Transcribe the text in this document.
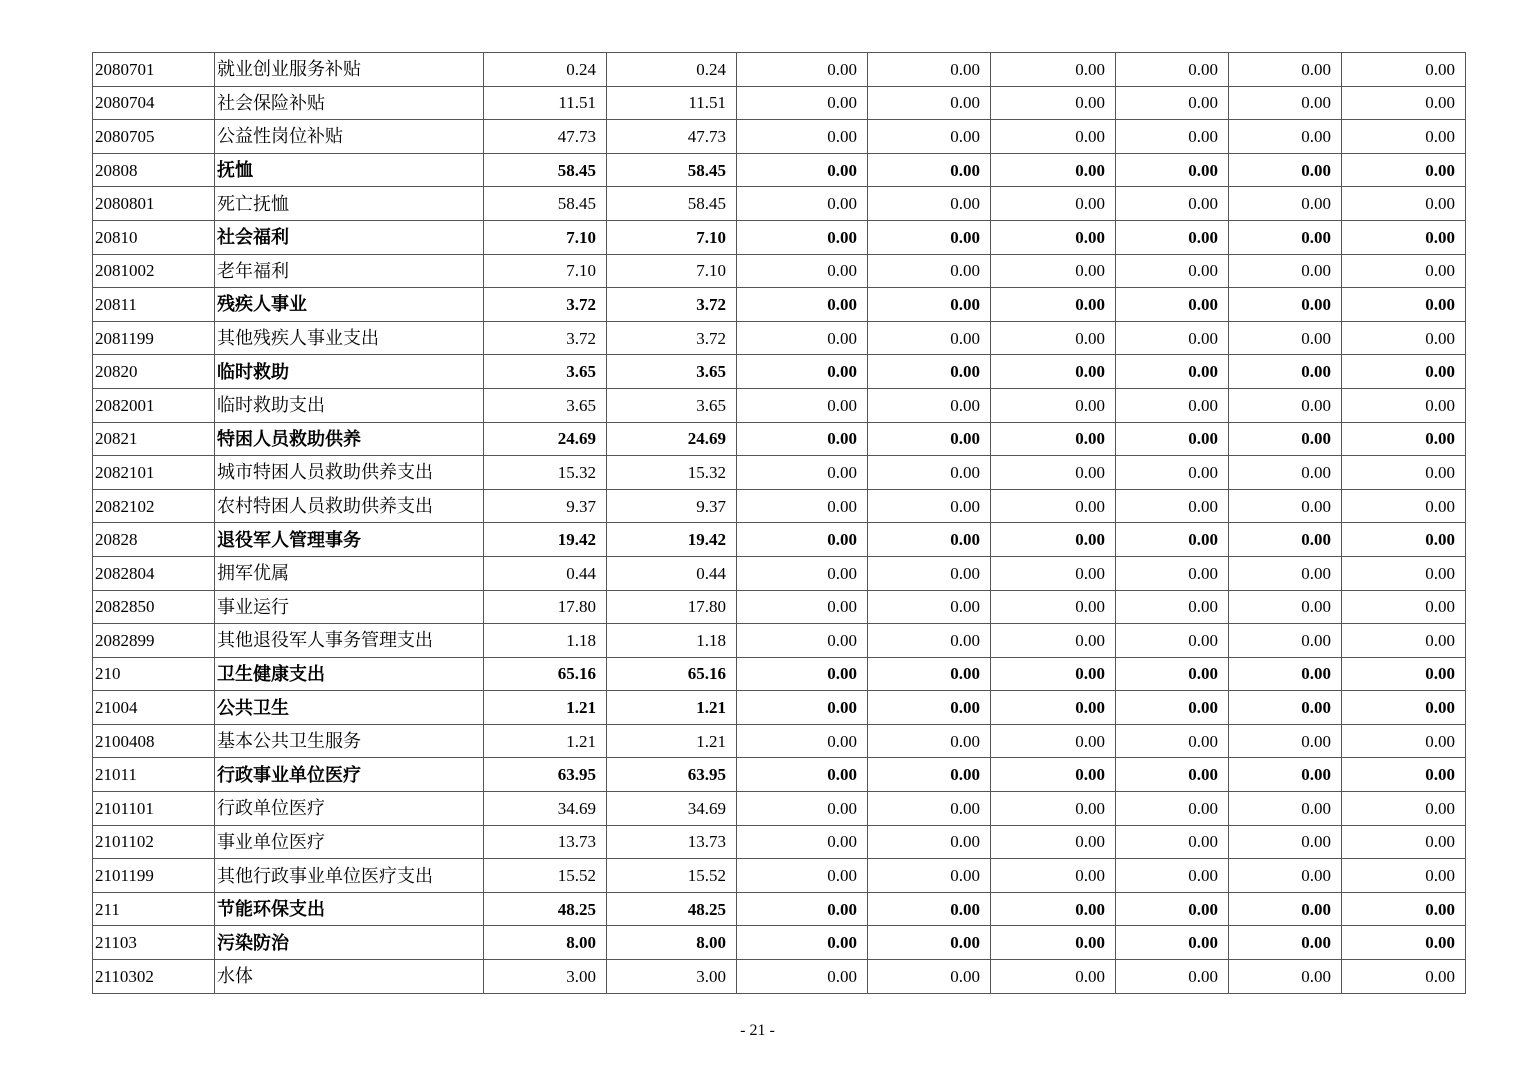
2080701	就业创业服务补贴	0.24	0.24	0.00	0.00	0.00	0.00	0.00	0.00
2080704	社会保险补贴	11.51	11.51	0.00	0.00	0.00	0.00	0.00	0.00
2080705	公益性岗位补贴	47.73	47.73	0.00	0.00	0.00	0.00	0.00	0.00
20808	抚恤	58.45	58.45	0.00	0.00	0.00	0.00	0.00	0.00
2080801	死亡抚恤	58.45	58.45	0.00	0.00	0.00	0.00	0.00	0.00
20810	社会福利	7.10	7.10	0.00	0.00	0.00	0.00	0.00	0.00
2081002	老年福利	7.10	7.10	0.00	0.00	0.00	0.00	0.00	0.00
20811	残疾人事业	3.72	3.72	0.00	0.00	0.00	0.00	0.00	0.00
2081199	其他残疾人事业支出	3.72	3.72	0.00	0.00	0.00	0.00	0.00	0.00
20820	临时救助	3.65	3.65	0.00	0.00	0.00	0.00	0.00	0.00
2082001	临时救助支出	3.65	3.65	0.00	0.00	0.00	0.00	0.00	0.00
20821	特困人员救助供养	24.69	24.69	0.00	0.00	0.00	0.00	0.00	0.00
2082101	城市特困人员救助供养支出	15.32	15.32	0.00	0.00	0.00	0.00	0.00	0.00
2082102	农村特困人员救助供养支出	9.37	9.37	0.00	0.00	0.00	0.00	0.00	0.00
20828	退役军人管理事务	19.42	19.42	0.00	0.00	0.00	0.00	0.00	0.00
2082804	拥军优属	0.44	0.44	0.00	0.00	0.00	0.00	0.00	0.00
2082850	事业运行	17.80	17.80	0.00	0.00	0.00	0.00	0.00	0.00
2082899	其他退役军人事务管理支出	1.18	1.18	0.00	0.00	0.00	0.00	0.00	0.00
210	卫生健康支出	65.16	65.16	0.00	0.00	0.00	0.00	0.00	0.00
21004	公共卫生	1.21	1.21	0.00	0.00	0.00	0.00	0.00	0.00
2100408	基本公共卫生服务	1.21	1.21	0.00	0.00	0.00	0.00	0.00	0.00
21011	行政事业单位医疗	63.95	63.95	0.00	0.00	0.00	0.00	0.00	0.00
2101101	行政单位医疗	34.69	34.69	0.00	0.00	0.00	0.00	0.00	0.00
2101102	事业单位医疗	13.73	13.73	0.00	0.00	0.00	0.00	0.00	0.00
2101199	其他行政事业单位医疗支出	15.52	15.52	0.00	0.00	0.00	0.00	0.00	0.00
211	节能环保支出	48.25	48.25	0.00	0.00	0.00	0.00	0.00	0.00
21103	污染防治	8.00	8.00	0.00	0.00	0.00	0.00	0.00	0.00
2110302	水体	3.00	3.00	0.00	0.00	0.00	0.00	0.00	0.00
- 21 -
